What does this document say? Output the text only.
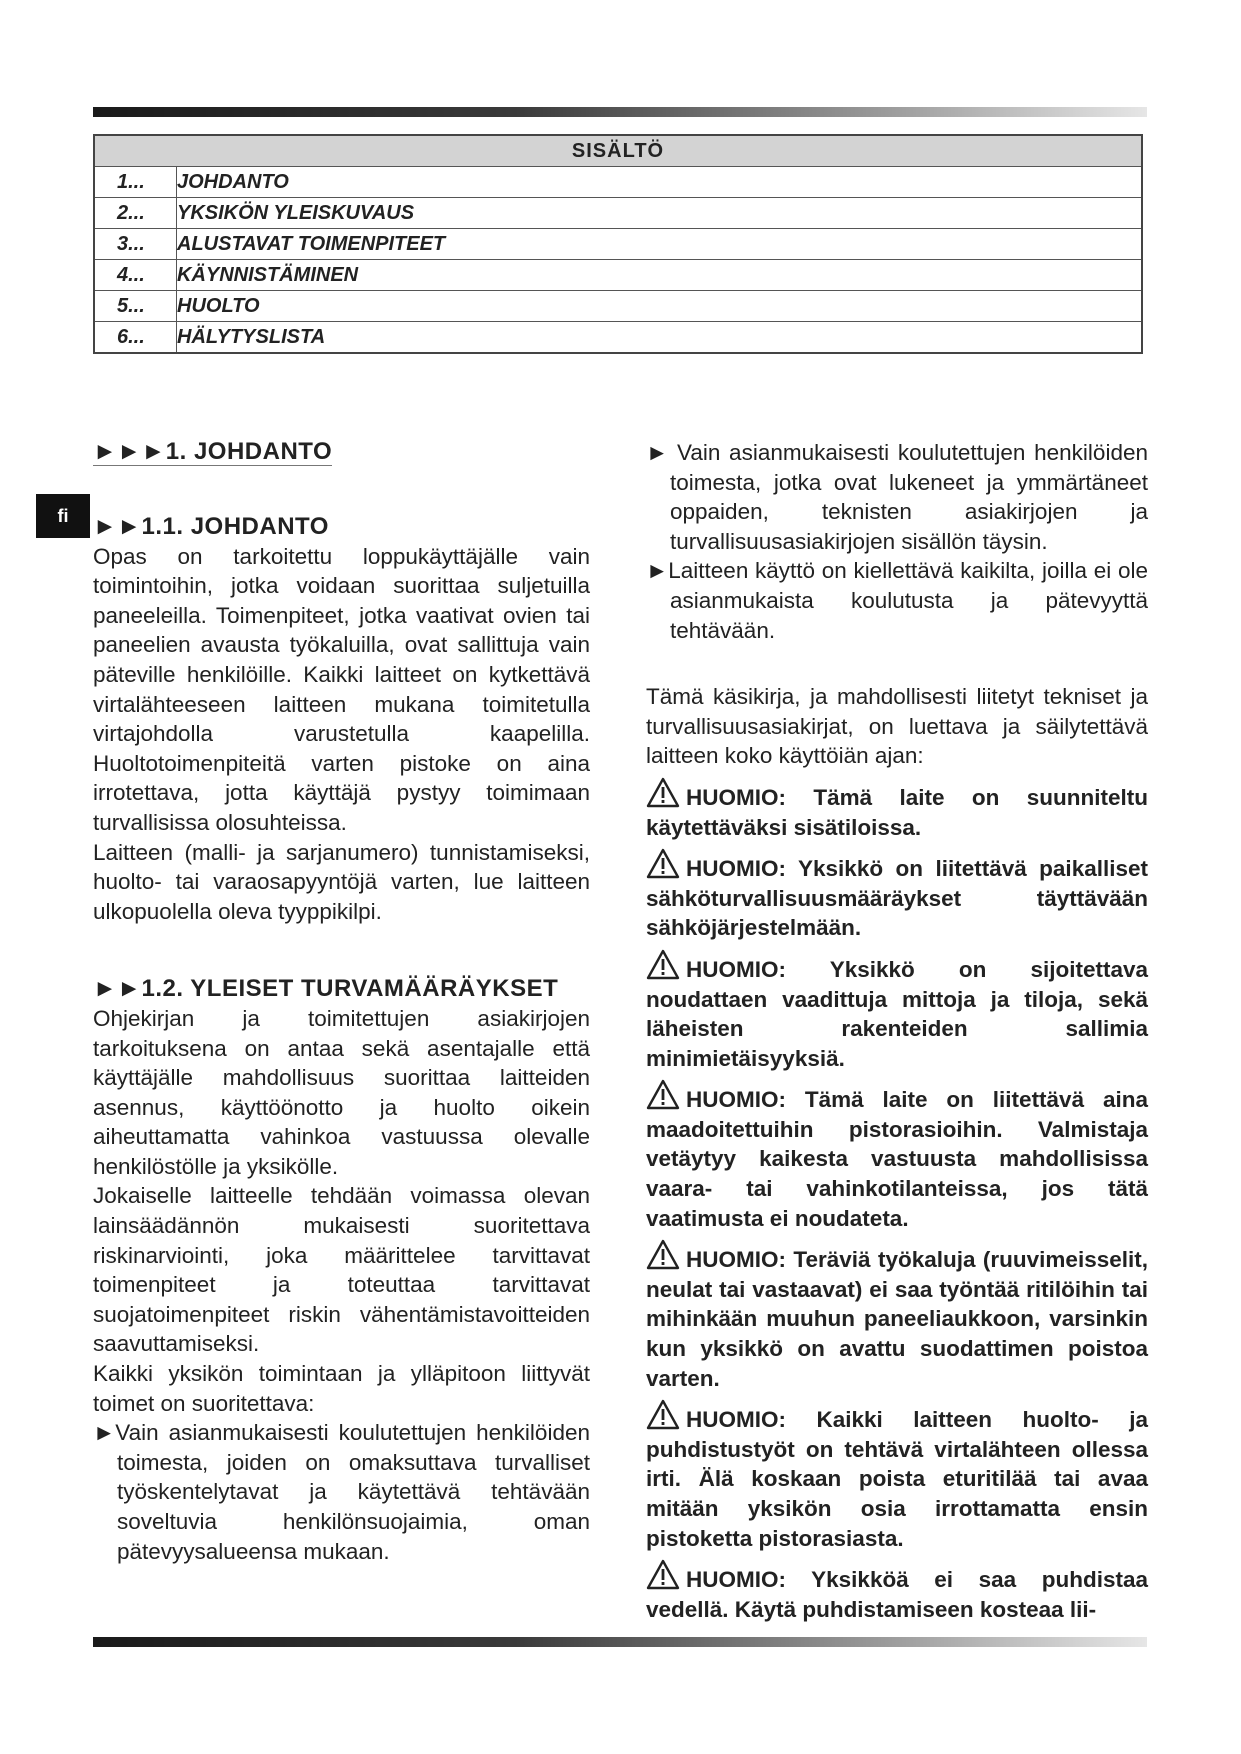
SISÄLTÖ	
1...	JOHDANTO
2...	YKSIKÖN YLEISKUVAUS
3...	ALUSTAVAT TOIMENPITEET
4...	KÄYNNISTÄMINEN
5...	HUOLTO
6...	HÄLYTYSLISTA
fi
►►►1. JOHDANTO
►►1.1. JOHDANTO

Opas on tarkoitettu loppukäyttäjälle vain toimintoihin, jotka voidaan suorittaa suljetuilla paneeleilla. Toimenpiteet, jotka vaativat ovien tai paneelien avausta työkaluilla, ovat sallittuja vain päteville henkilöille. Kaikki laitteet on kytkettävä virtalähteeseen laitteen mukana toimitetulla virtajohdolla varustetulla kaapelilla. Huoltotoimenpiteitä varten pistoke on aina irrotettava, jotta käyttäjä pystyy toimimaan turvallisissa olosuhteissa.

Laitteen (malli- ja sarjanumero) tunnistamiseksi, huolto- tai varaosapyyntöjä varten, lue laitteen ulkopuolella oleva tyyppikilpi.

►►1.2. YLEISET TURVAMÄÄRÄYKSET

Ohjekirjan ja toimitettujen asiakirjojen tarkoituksena on antaa sekä asentajalle että käyttäjälle mahdollisuus suorittaa laitteiden asennus, käyttöönotto ja huolto oikein aiheuttamatta vahinkoa vastuussa olevalle henkilöstölle ja yksikölle.

Jokaiselle laitteelle tehdään voimassa olevan lainsäädännön mukaisesti suoritettava riskinarviointi, joka määrittelee tarvittavat toimenpiteet ja toteuttaa tarvittavat suojatoimenpiteet riskin vähentämistavoitteiden saavuttamiseksi.

Kaikki yksikön toimintaan ja ylläpitoon liittyvät toimet on suoritettava:

►Vain asianmukaisesti koulutettujen henkilöiden toimesta, joiden on omaksuttava turvalliset työskentelytavat ja käytettävä tehtävään soveltuvia henkilönsuojaimia, oman pätevyysalueensa mukaan.

► Vain asianmukaisesti koulutettujen henkilöiden toimesta, jotka ovat lukeneet ja ymmärtäneet oppaiden, teknisten asiakirjojen ja turvallisuusasiakirjojen sisällön täysin.

►Laitteen käyttö on kiellettävä kaikilta, joilla ei ole asianmukaista koulutusta ja pätevyyttä tehtävään.

Tämä käsikirja, ja mahdollisesti liitetyt tekniset ja turvallisuusasiakirjat, on luettava ja säilytettävä laitteen koko käyttöiän ajan:

HUOMIO: Tämä laite on suunniteltu käytettäväksi sisätiloissa.

HUOMIO: Yksikkö on liitettävä paikalliset sähköturvallisuusmääräykset täyttävään sähköjärjestelmään.

HUOMIO: Yksikkö on sijoitettava noudattaen vaadittuja mittoja ja tiloja, sekä läheisten rakenteiden sallimia minimietäisyyksiä.

HUOMIO: Tämä laite on liitettävä aina maadoitettuihin pistorasioihin. Valmistaja vetäytyy kaikesta vastuusta mahdollisissa vaara- tai vahinkotilanteissa, jos tätä vaatimusta ei noudateta.

HUOMIO: Teräviä työkaluja (ruuvimeisselit, neulat tai vastaavat) ei saa työntää ritilöihin tai mihinkään muuhun paneeliaukkoon, varsinkin kun yksikkö on avattu suodattimen poistoa varten.

HUOMIO: Kaikki laitteen huolto- ja puhdistustyöt on tehtävä virtalähteen ollessa irti. Älä koskaan poista eturitilää tai avaa mitään yksikön osia irrottamatta ensin pistoketta pistorasiasta.

HUOMIO: Yksikköä ei saa puhdistaa vedellä. Käytä puhdistamiseen kosteaa lii-
